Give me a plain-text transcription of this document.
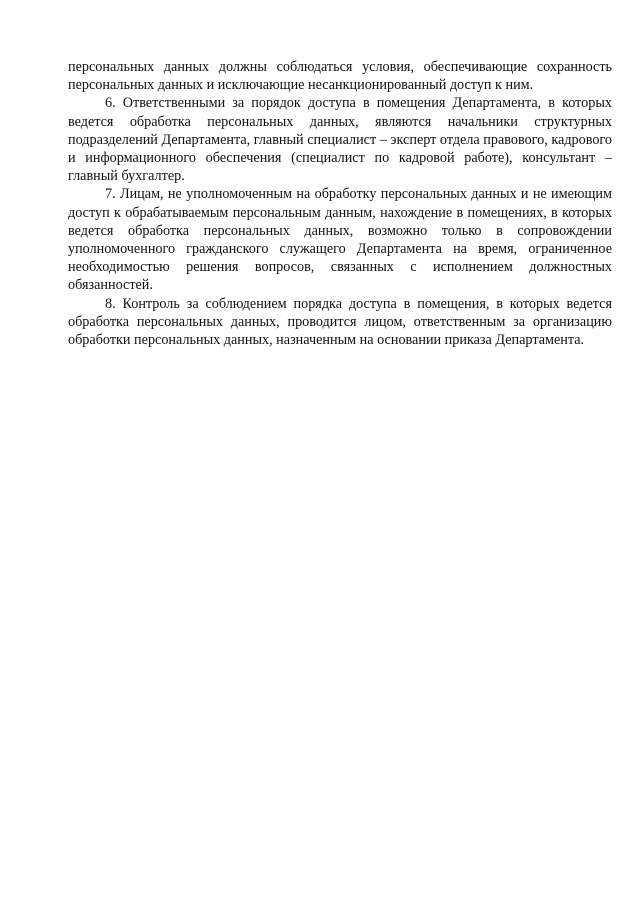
персональных данных должны соблюдаться условия, обеспечивающие сохранность персональных данных и исключающие несанкционированный доступ к ним.

6. Ответственными за порядок доступа в помещения Департамента, в которых ведется обработка персональных данных, являются начальники структурных подразделений Департамента, главный специалист – эксперт отдела правового, кадрового и информационного обеспечения (специалист по кадровой работе), консультант – главный бухгалтер.

7. Лицам, не уполномоченным на обработку персональных данных и не имеющим доступ к обрабатываемым персональным данным, нахождение в помещениях, в которых ведется обработка персональных данных, возможно только в сопровождении уполномоченного гражданского служащего Департамента на время, ограниченное необходимостью решения вопросов, связанных с исполнением должностных обязанностей.

8. Контроль за соблюдением порядка доступа в помещения, в которых ведется обработка персональных данных, проводится лицом, ответственным за организацию обработки персональных данных, назначенным на основании приказа Департамента.
